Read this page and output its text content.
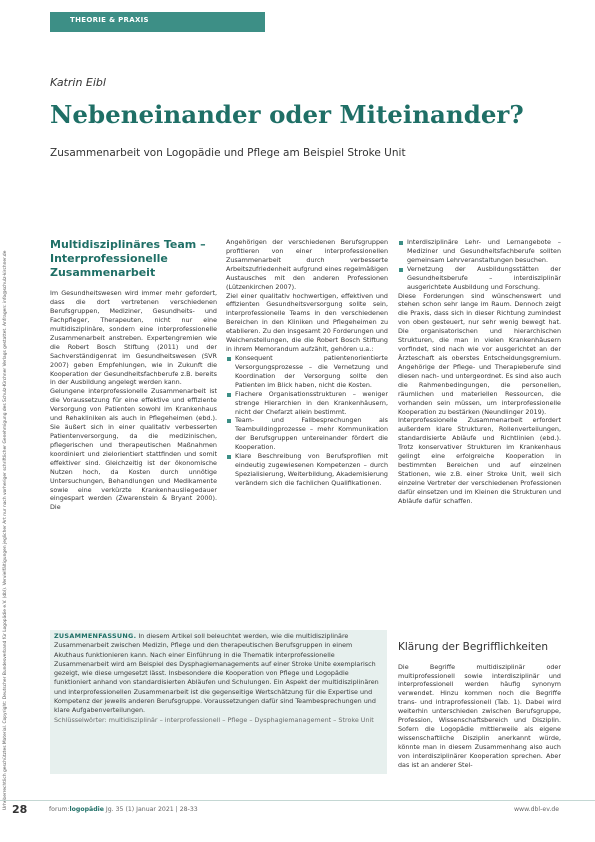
THEORIE & PRAXIS
Urheberrechtlich geschütztes Material. Copyright: Deutscher Bundesverband für Logopädie e.V. (dbl). Vervielfältigungen jeglicher Art nur nach vorheriger schriftlicher Genehmigung des Schulz-Kirchner Verlags gestattet. Anfragen: info@schulz-kirchner.de
Katrin Eibl
Nebeneinander oder Miteinander?
Zusammenarbeit von Logopädie und Pflege am Beispiel Stroke Unit

Multidisziplinäres Team – Interprofessionelle Zusammenarbeit

Im Gesundheitswesen wird immer mehr gefordert, dass die dort vertretenen verschiedenen Berufsgruppen, Mediziner, Gesundheits- und Fachpfleger, Therapeuten, nicht nur eine multidisziplinäre, sondern eine interprofessionelle Zusammenarbeit anstreben. Expertengremien wie die Robert Bosch Stiftung (2011) und der Sachverständigenrat im Gesundheitswesen (SVR 2007) geben Empfehlungen, wie in Zukunft die Kooperation der Gesundheitsfachberufe z.B. bereits in der Ausbildung angelegt werden kann.

Gelungene interprofessionelle Zusammenarbeit ist die Voraussetzung für eine effektive und effiziente Versorgung von Patienten sowohl im Krankenhaus und Rehakliniken als auch in Pflegeheimen (ebd.). Sie äußert sich in einer qualitativ verbesserten Patientenversorgung, da die medizinischen, pflegerischen und therapeutischen Maßnahmen koordiniert und zielorientiert stattfinden und somit effektiver sind. Gleichzeitig ist der ökonomische Nutzen hoch, da Kosten durch unnötige Untersuchungen, Behandlungen und Medikamente sowie eine verkürzte Krankenhausliegedauer eingespart werden (Zwarenstein & Bryant 2000). Die

Angehörigen der verschiedenen Berufsgruppen profitieren von einer interprofessionellen Zusammenarbeit durch verbesserte Arbeitszufriedenheit aufgrund eines regelmäßigen Austausches mit den anderen Professionen (Lützenkirchen 2007).

Ziel einer qualitativ hochwertigen, effektiven und effizienten Gesundheitsversorgung sollte sein, interprofessionelle Teams in den verschiedenen Bereichen in den Kliniken und Pflegeheimen zu etablieren. Zu den insgesamt 20 Forderungen und Weichenstellungen, die die Robert Bosch Stiftung in ihrem Memorandum aufzählt, gehören u.a.:

Konsequent patientenorientierte Versorgungsprozesse – die Vernetzung und Koordination der Versorgung sollte den Patienten im Blick haben, nicht die Kosten.
Flachere Organisationsstrukturen – weniger strenge Hierarchien in den Krankenhäusern, nicht der Chefarzt allein bestimmt.
Team- und Fallbesprechungen als Teambuildingprozesse – mehr Kommunikation der Berufsgruppen untereinander fördert die Kooperation.
Klare Beschreibung von Berufsprofilen mit eindeutig zugewiesenen Kompetenzen – durch Spezialisierung, Weiterbildung, Akademisierung verändern sich die fachlichen Qualifikationen.
Interdisziplinäre Lehr- und Lernangebote – Mediziner und Gesundheitsfachberufe sollten gemeinsam Lehrveranstaltungen besuchen.
Vernetzung der Ausbildungsstätten der Gesundheitsberufe – interdisziplinär ausgerichtete Ausbildung und Forschung.

Diese Forderungen sind wünschenswert und stehen schon sehr lange im Raum. Dennoch zeigt die Praxis, dass sich in dieser Richtung zumindest von oben gesteuert, nur sehr wenig bewegt hat. Die organisatorischen und hierarchischen Strukturen, die man in vielen Krankenhäusern vorfindet, sind nach wie vor ausgerichtet an der Ärzteschaft als oberstes Entscheidungsgremium. Angehörige der Pflege- und Therapieberufe sind diesen nach- und untergeordnet. Es sind also auch die Rahmenbedingungen, die personellen, räumlichen und materiellen Ressourcen, die vorhanden sein müssen, um interprofessionelle Kooperation zu bestärken (Neundlinger 2019).

Interprofessionelle Zusammenarbeit erfordert außerdem klare Strukturen, Rollenverteilungen, standardisierte Abläufe und Richtlinien (ebd.). Trotz konservativer Strukturen im Krankenhaus gelingt eine erfolgreiche Kooperation in bestimmten Bereichen und auf einzelnen Stationen, wie z.B. einer Stroke Unit, weil sich einzelne Vertreter der verschiedenen Professionen dafür einsetzen und im Kleinen die Strukturen und Abläufe dafür schaffen.

Klärung der Begrifflichkeiten

Die Begriffe multidisziplinär oder multiprofessionell sowie interdisziplinär und interprofessionell werden häufig synonym verwendet. Hinzu kommen noch die Begriffe trans- und intraprofessionell (Tab. 1). Dabei wird weiterhin unterschieden zwischen Berufsgruppe, Profession, Wissenschaftsbereich und Disziplin. Sofern die Logopädie mittlerweile als eigene wissenschaftliche Disziplin anerkannt würde, könnte man in diesem Zusammenhang also auch von interdisziplinärer Kooperation sprechen. Aber das ist an anderer Stel-

ZUSAMMENFASSUNG. In diesem Artikel soll beleuchtet werden, wie die multidisziplinäre Zusammenarbeit zwischen Medizin, Pflege und den therapeutischen Berufsgruppen in einem Akuthaus funktionieren kann. Nach einer Einführung in die Thematik interprofessionelle Zusammenarbeit wird am Beispiel des Dysphagiemanagements auf einer Stroke Unite exemplarisch gezeigt, wie diese umgesetzt lässt. Insbesondere die Kooperation von Pflege und Logopädie funktioniert anhand von standardisierten Abläufen und Schulungen. Ein Aspekt der multidisziplinären und interprofessionellen Zusammenarbeit ist die gegenseitige Wertschätzung für die Expertise und Kompetenz der jeweils anderen Berufsgruppe. Voraussetzungen dafür sind Teambesprechungen und klare Aufgabenverteilungen.
Schlüsselwörter: multidisziplinär – interprofessionell – Pflege – Dysphagiemanagement – Stroke Unit
28	forum:logopädie Jg. 35 (1) Januar 2021 | 28-33	www.dbl-ev.de
